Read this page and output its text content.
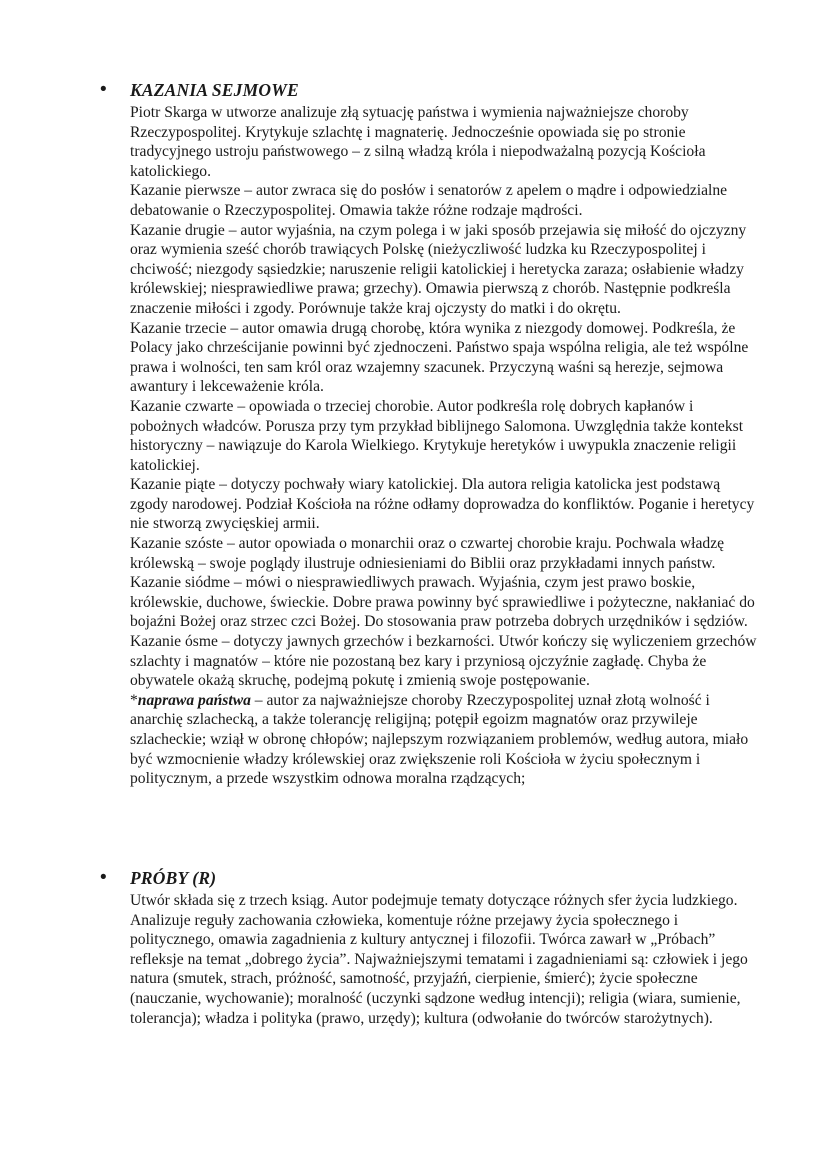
• KAZANIA SEJMOWE

Piotr Skarga w utworze analizuje złą sytuację państwa i wymienia najważniejsze choroby Rzeczypospolitej. Krytykuje szlachtę i magnaterię. Jednocześnie opowiada się po stronie tradycyjnego ustroju państwowego – z silną władzą króla i niepodważalną pozycją Kościoła katolickiego.

Kazanie pierwsze – autor zwraca się do posłów i senatorów z apelem o mądre i odpowiedzialne debatowanie o Rzeczypospolitej. Omawia także różne rodzaje mądrości.

Kazanie drugie – autor wyjaśnia, na czym polega i w jaki sposób przejawia się miłość do ojczyzny oraz wymienia sześć chorób trawiących Polskę (nieżyczliwość ludzka ku Rzeczypospolitej i chciwość; niezgody sąsiedzkie; naruszenie religii katolickiej i heretycka zaraza; osłabienie władzy królewskiej; niesprawiedliwe prawa; grzechy). Omawia pierwszą z chorób. Następnie podkreśla znaczenie miłości i zgody. Porównuje także kraj ojczysty do matki i do okrętu.

Kazanie trzecie – autor omawia drugą chorobę, która wynika z niezgody domowej. Podkreśla, że Polacy jako chrześcijanie powinni być zjednoczeni. Państwo spaja wspólna religia, ale też wspólne prawa i wolności, ten sam król oraz wzajemny szacunek. Przyczyną waśni są herezje, sejmowa awantury i lekceważenie króla.

Kazanie czwarte – opowiada o trzeciej chorobie. Autor podkreśla rolę dobrych kapłanów i pobożnych władców. Porusza przy tym przykład biblijnego Salomona. Uwzględnia także kontekst historyczny – nawiązuje do Karola Wielkiego. Krytykuje heretyków i uwypukla znaczenie religii katolickiej.

Kazanie piąte – dotyczy pochwały wiary katolickiej. Dla autora religia katolicka jest podstawą zgody narodowej. Podział Kościoła na różne odłamy doprowadza do konfliktów. Poganie i heretycy nie stworzą zwycięskiej armii.

Kazanie szóste – autor opowiada o monarchii oraz o czwartej chorobie kraju. Pochwala władzę królewską – swoje poglądy ilustruje odniesieniami do Biblii oraz przykładami innych państw.

Kazanie siódme – mówi o niesprawiedliwych prawach. Wyjaśnia, czym jest prawo boskie, królewskie, duchowe, świeckie. Dobre prawa powinny być sprawiedliwe i pożyteczne, nakłaniać do bojaźni Bożej oraz strzec czci Bożej. Do stosowania praw potrzeba dobrych urzędników i sędziów.

Kazanie ósme – dotyczy jawnych grzechów i bezkarności. Utwór kończy się wyliczeniem grzechów szlachty i magnatów – które nie pozostaną bez kary i przyniosą ojczyźnie zagładę. Chyba że obywatele okażą skruchę, podejmą pokutę i zmienią swoje postępowanie.

*naprawa państwa – autor za najważniejsze choroby Rzeczypospolitej uznał złotą wolność i anarchię szlachecką, a także tolerancję religijną; potępił egoizm magnatów oraz przywileje szlacheckie; wziął w obronę chłopów; najlepszym rozwiązaniem problemów, według autora, miało być wzmocnienie władzy królewskiej oraz zwiększenie roli Kościoła w życiu społecznym i politycznym, a przede wszystkim odnowa moralna rządzących;

• PRÓBY (R)

Utwór składa się z trzech ksiąg. Autor podejmuje tematy dotyczące różnych sfer życia ludzkiego. Analizuje reguły zachowania człowieka, komentuje różne przejawy życia społecznego i politycznego, omawia zagadnienia z kultury antycznej i filozofii. Twórca zawarł w „Próbach” refleksje na temat „dobrego życia”. Najważniejszymi tematami i zagadnieniami są: człowiek i jego natura (smutek, strach, próżność, samotność, przyjaźń, cierpienie, śmierć); życie społeczne (nauczanie, wychowanie); moralność (uczynki sądzone według intencji); religia (wiara, sumienie, tolerancja); władza i polityka (prawo, urzędy); kultura (odwołanie do twórców starożytnych).
